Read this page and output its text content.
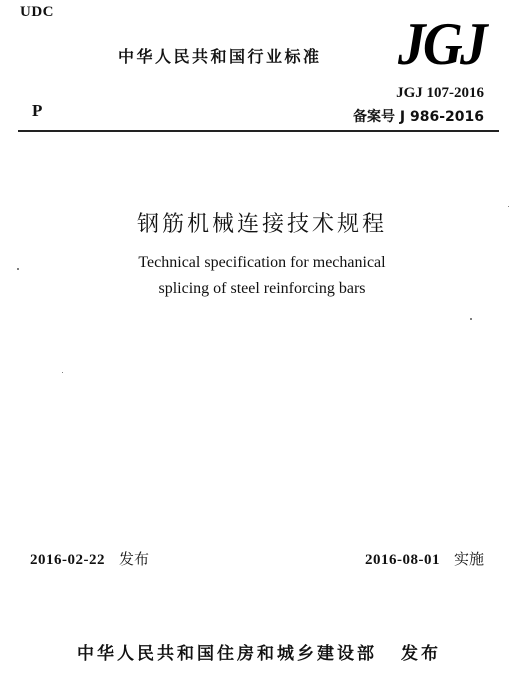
UDC
中华人民共和国行业标准 JGJ
P
JGJ 107-2016
备案号 J 986-2016
钢筋机械连接技术规程
Technical specification for mechanical
splicing of steel reinforcing bars
2016-02-22 发布	2016-08-01 实施
中华人民共和国住房和城乡建设部 发布
